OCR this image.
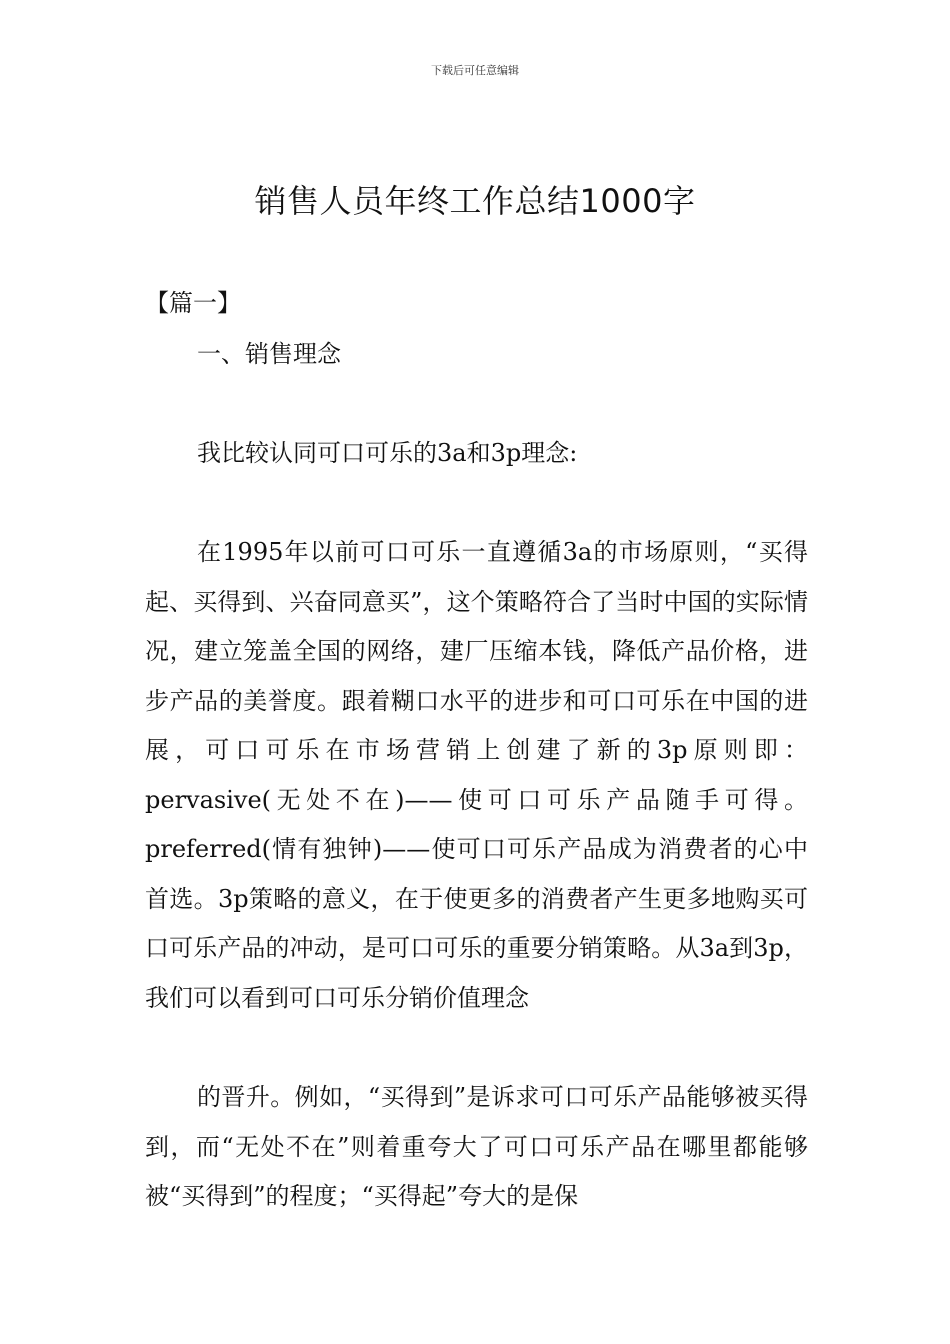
下载后可任意编辑
销售人员年终工作总结1000字
【篇一】
一、销售理念
我比较认同可口可乐的3a和3p理念:
在1995年以前可口可乐一直遵循3a的市场原则，“买得起、买得到、兴奋同意买”，这个策略符合了当时中国的实际情况，建立笼盖全国的网络，建厂压缩本钱，降低产品价格，进步产品的美誉度。跟着糊口水平的进步和可口可乐在中国的进展，可口可乐在市场营销上创建了新的3p原则即：pervasive(无处不在)——使可口可乐产品随手可得。preferred(情有独钟)——使可口可乐产品成为消费者的心中首选。3p策略的意义，在于使更多的消费者产生更多地购买可口可乐产品的冲动，是可口可乐的重要分销策略。从3a到3p，我们可以看到可口可乐分销价值理念
的晋升。例如，“买得到”是诉求可口可乐产品能够被买得到，而“无处不在”则着重夸大了可口可乐产品在哪里都能够被“买得到”的程度；“买得起”夸大的是保
